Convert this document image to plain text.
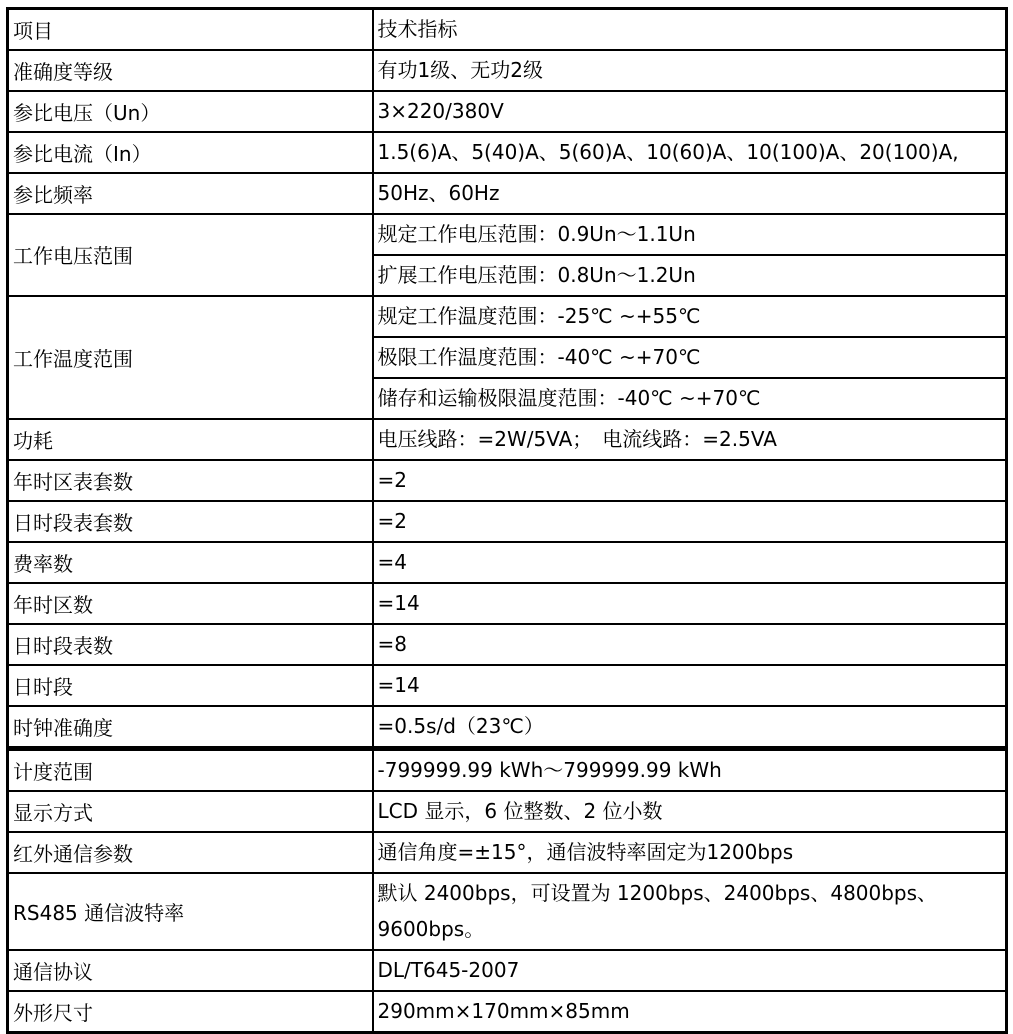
项目	技术指标
准确度等级	有功1级、无功2级
参比电压（Un）	3×220/380V
参比电流（In）	1.5(6)A、5(40)A、5(60)A、10(60)A、10(100)A、20(100)A,
参比频率	50Hz、60Hz
工作电压范围	规定工作电压范围：0.9Un～1.1Un
	扩展工作电压范围：0.8Un～1.2Un
工作温度范围	规定工作温度范围：-25℃ ~+55℃
	极限工作温度范围：-40℃ ~+70℃
	储存和运输极限温度范围：-40℃ ~+70℃
功耗	电压线路：=2W/5VA；　电流线路：=2.5VA
年时区表套数	=2
日时段表套数	=2
费率数	=4
年时区数	=14
日时段表数	=8
日时段	=14
时钟准确度	=0.5s/d（23℃）
计度范围	-799999.99 kWh～799999.99 kWh
显示方式	LCD 显示，6 位整数、2 位小数
红外通信参数	通信角度=±15°，通信波特率固定为1200bps
RS485 通信波特率	默认 2400bps，可设置为 1200bps、2400bps、4800bps、
9600bps。
通信协议	DL/T645-2007
外形尺寸	290mm×170mm×85mm
